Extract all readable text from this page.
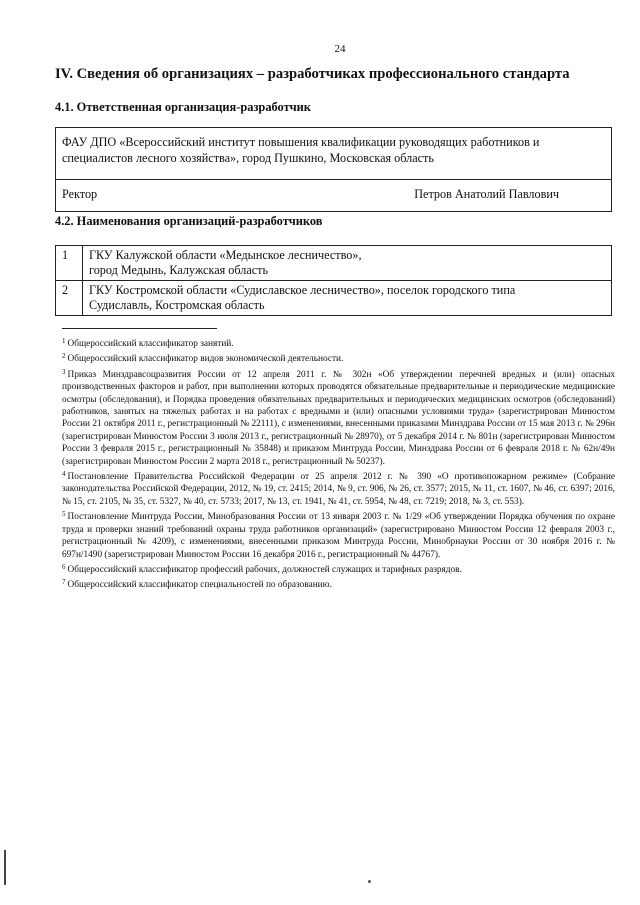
24
IV. Сведения об организациях – разработчиках профессионального стандарта
4.1. Ответственная организация-разработчик
ФАУ ДПО «Всероссийский институт повышения квалификации руководящих работников и
специалистов лесного хозяйства», город Пушкино, Московская область

Ректор	Петров Анатолий Павлович
4.2. Наименования организаций-разработчиков
1	ГКУ Калужской области «Медынское лесничество»,
город Медынь, Калужская область

2	ГКУ Костромской области «Судиславское лесничество», поселок городского типа
Судиславль, Костромская область

$^1$ Общероссийский классификатор занятий.

$^2$ Общероссийский классификатор видов экономической деятельности.

$^3$ Приказ Минздравсоцразвития России от 12 апреля 2011 г. № 302н «Об утверждении перечней вредных и (или) опасных производственных факторов и работ, при выполнении которых проводятся обязательные предварительные и периодические медицинские осмотры (обследования), и Порядка проведения обязательных предварительных и периодических медицинских осмотров (обследований) работников, занятых на тяжелых работах и на работах с вредными и (или) опасными условиями труда» (зарегистрирован Минюстом России 21 октября 2011 г., регистрационный № 22111), с изменениями, внесенными приказами Минздрава России от 15 мая 2013 г. № 296н (зарегистрирован Минюстом России 3 июля 2013 г., регистрационный № 28970), от 5 декабря 2014 г. № 801н (зарегистрирован Минюстом России 3 февраля 2015 г., регистрационный № 35848) и приказом Минтруда России, Минздрава России от 6 февраля 2018 г. № 62н/49н (зарегистрирован Минюстом России 2 марта 2018 г., регистрационный № 50237).

$^4$ Постановление Правительства Российской Федерации от 25 апреля 2012 г. № 390 «О противопожарном режиме» (Собрание законодательства Российской Федерации, 2012, № 19, ст. 2415; 2014, № 9, ст. 906, № 26, ст. 3577; 2015, № 11, ст. 1607, № 46, ст. 6397; 2016, № 15, ст. 2105, № 35, ст. 5327, № 40, ст. 5733; 2017, № 13, ст. 1941, № 41, ст. 5954, № 48, ст. 7219; 2018, № 3, ст. 553).

$^5$ Постановление Минтруда России, Минобразования России от 13 января 2003 г. № 1/29 «Об утверждении Порядка обучения по охране труда и проверки знаний требований охраны труда работников организаций» (зарегистрировано Минюстом России 12 февраля 2003 г., регистрационный № 4209), с изменениями, внесенными приказом Минтруда России, Минобрнауки России от 30 ноября 2016 г. № 697н/1490 (зарегистрирован Минюстом России 16 декабря 2016 г., регистрационный № 44767).

$^6$ Общероссийский классификатор профессий рабочих, должностей служащих и тарифных разрядов.

$^7$ Общероссийский классификатор специальностей по образованию.
